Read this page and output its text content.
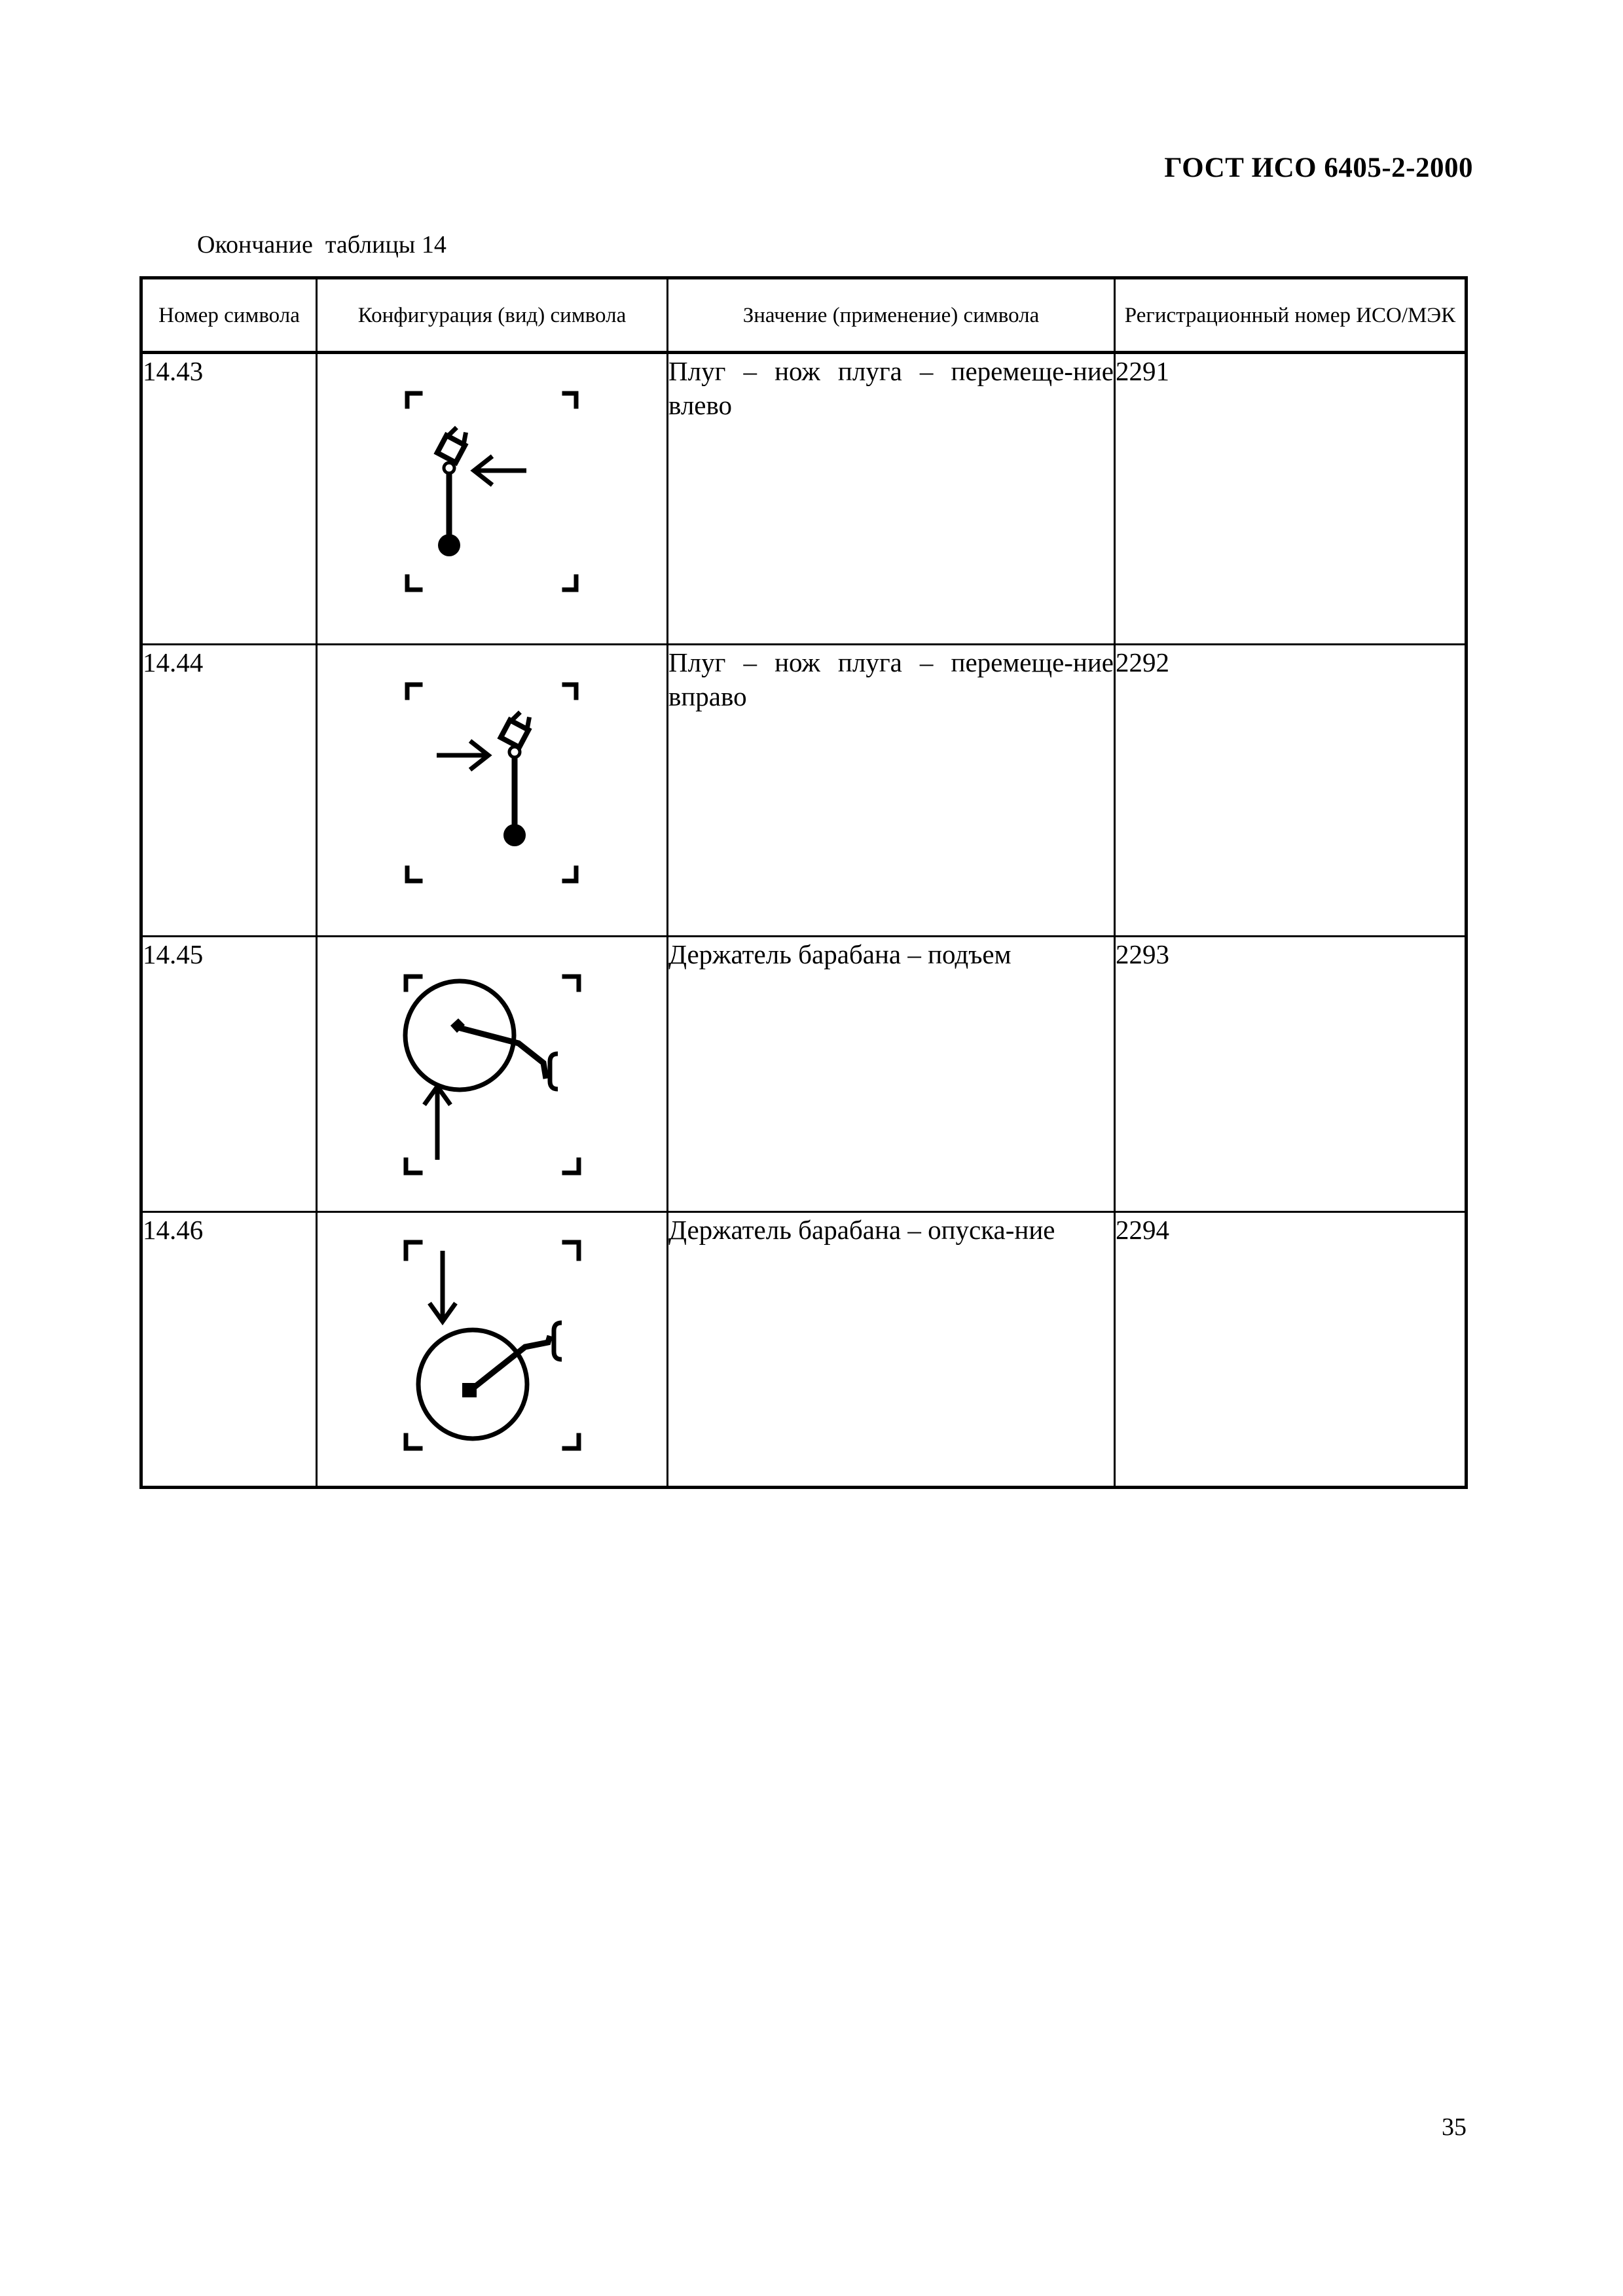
ГОСТ ИСО 6405-2-2000
Окончание  таблицы 14
Номер символа	Конфигурация (вид) символа	Значение (применение) символа	Регистрационный номер ИСО/МЭК
14.43		Плуг – нож плуга – перемеще-ние влево	2291
14.44		Плуг – нож плуга – перемеще-ние вправо	2292
14.45		Держатель барабана – подъем	2293
14.46		Держатель барабана – опуска-ние	2294
35
